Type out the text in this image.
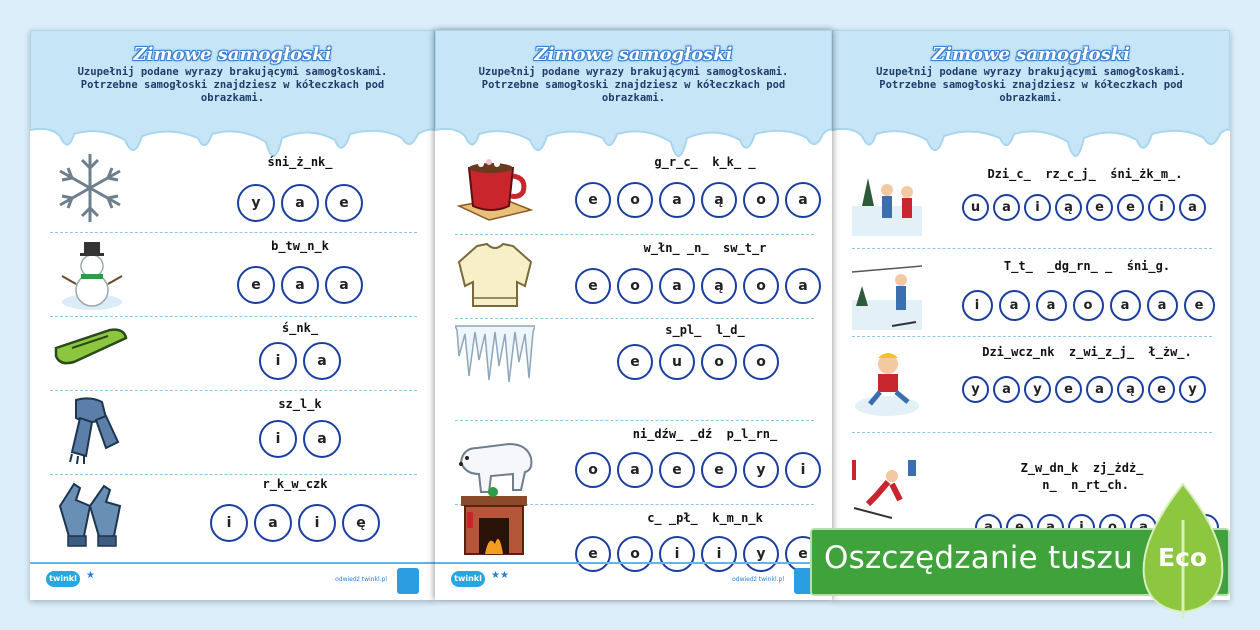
Zimowe samogłoski
Uzupełnij podane wyrazy brakującymi samogłoskami. Potrzebne samogłoski znajdziesz w kółeczkach pod obrazkami.
śni_ż_nk_
y	a	e
b_tw_n_k
e	a	a
ś_nk_
i	a
sz_l_k
i	a
r_k_w_czk
i	a	i	ę
twinkl ★	odwiedź twinkl.pl
Zimowe samogłoski
Uzupełnij podane wyrazy brakującymi samogłoskami. Potrzebne samogłoski znajdziesz w kółeczkach pod obrazkami.
g_r_c_  k_k_ _
e	o	a	ą	o	a
w_łn_ _n_  sw_t_r
e	o	a	ą	o	a
s_pl_  l_d_
e	u	o	o
ni_dźw_ _dź  p_l_rn_
o	a	e	e	y	i
c_ _pł_  k_m_n_k
e	o	i	i	y	e
twinkl ★★	odwiedź twinkl.pl
Zimowe samogłoski
Uzupełnij podane wyrazy brakującymi samogłoskami. Potrzebne samogłoski znajdziesz w kółeczkach pod obrazkami.
Dzi_c_  rz_c_j_  śni_żk_m_.
u	a	i	ą	e	e	i	a
T_t_  _dg_rn_ _  śni_g.
i	a	a	o	a	a	e
Dzi_wcz_nk  z_wi_z_j_  ł_żw_.
y	a	y	e	a	ą	e	y
Z_w_dn_k  zj_żdż_
n_  n_rt_ch.
Oszczędzanie tuszu Eco
